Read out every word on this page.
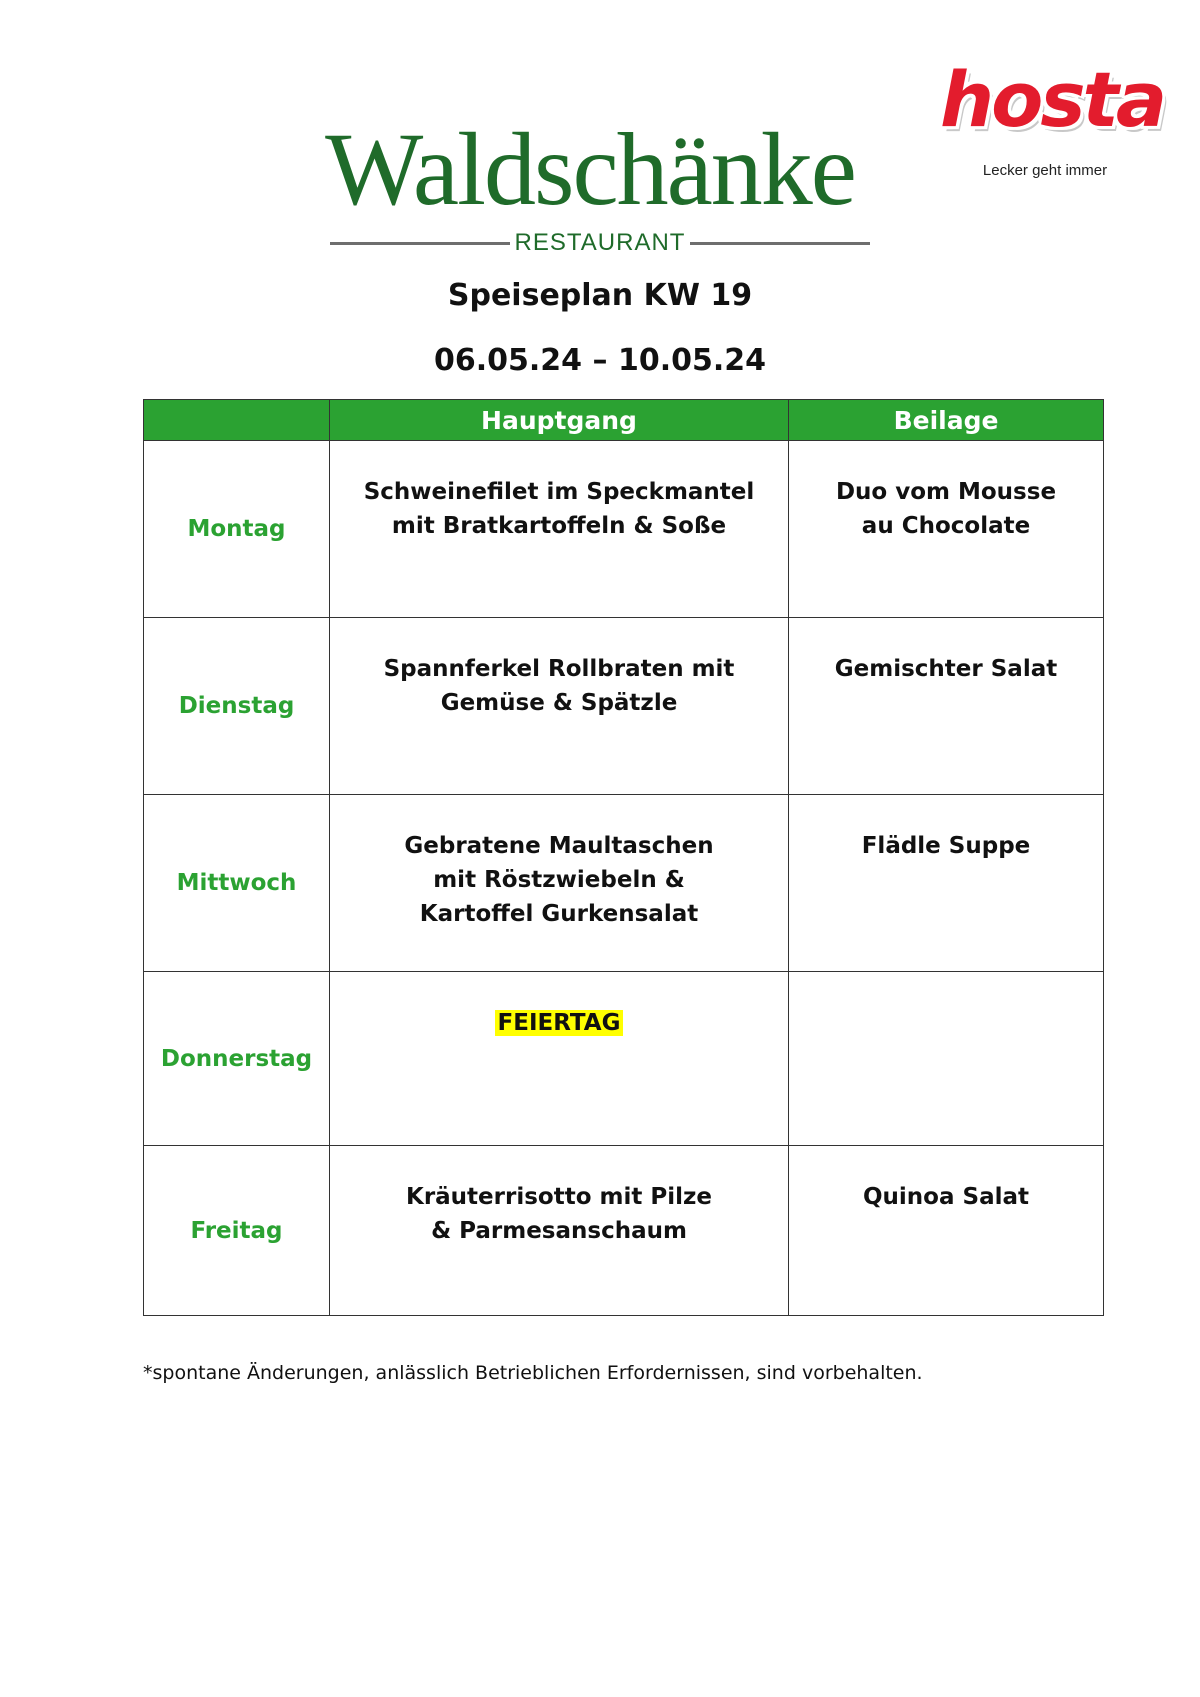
Waldschänke
RESTAURANT
hosta
Lecker geht immer
Speiseplan KW 19
06.05.24 – 10.05.24
	Hauptgang	Beilage
Montag	Schweinefilet im Speckmantel mit Bratkartoffeln & Soße	Duo vom Mousse au Chocolate
Dienstag	Spannferkel Rollbraten mit Gemüse & Spätzle	Gemischter Salat
Mittwoch	Gebratene Maultaschen mit Röstzwiebeln & Kartoffel Gurkensalat	Flädle Suppe
Donnerstag	FEIERTAG	
Freitag	Kräuterrisotto mit Pilze & Parmesanschaum	Quinoa Salat
*spontane Änderungen, anlässlich Betrieblichen Erfordernissen, sind vorbehalten.
